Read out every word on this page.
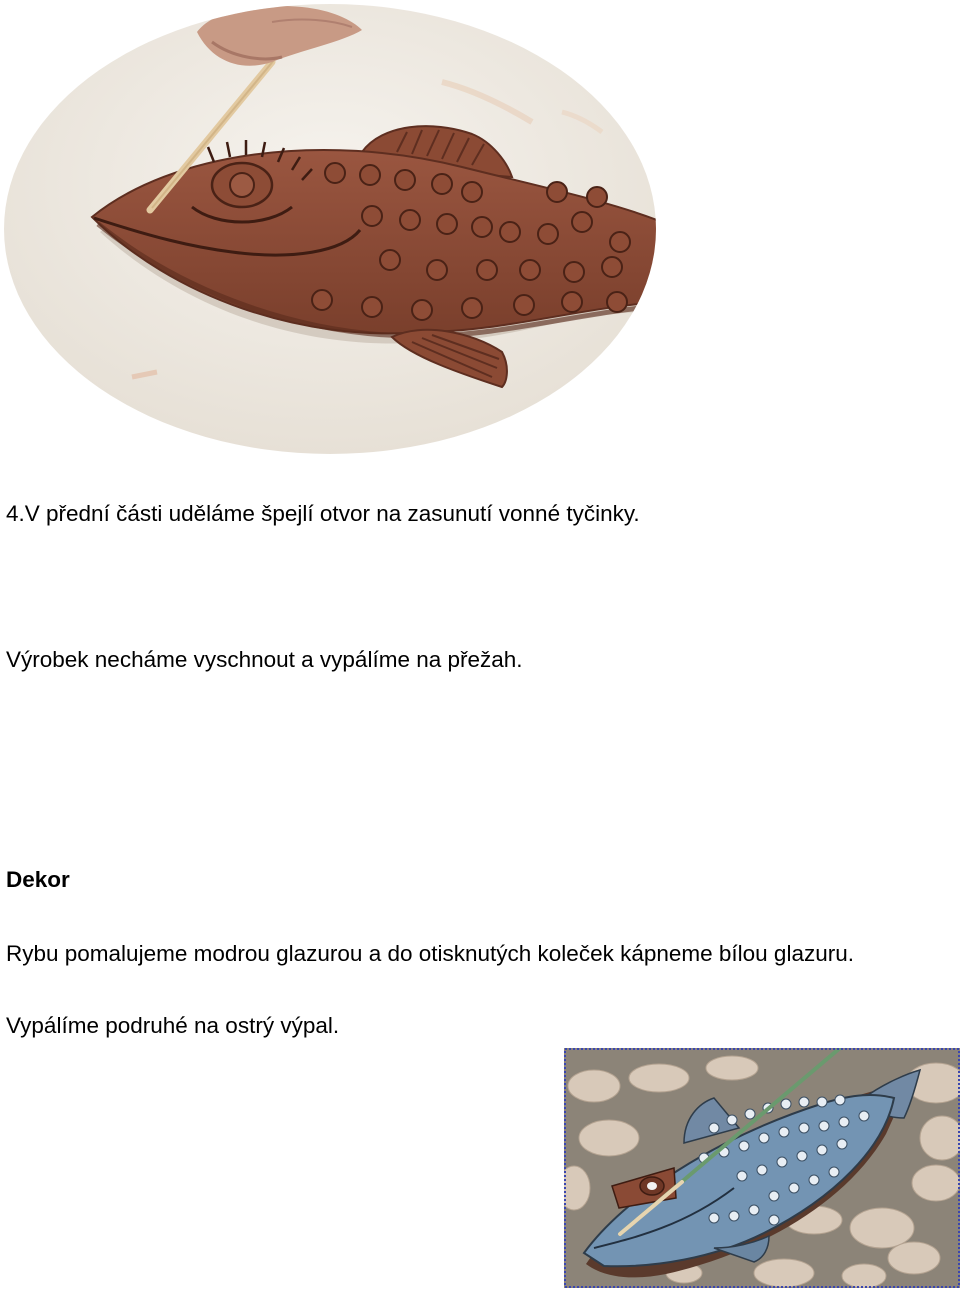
4.V přední části uděláme špejlí otvor na zasunutí vonné tyčinky.

Výrobek necháme vyschnout a vypálíme na přežah.

Dekor

Rybu pomalujeme modrou glazurou a do otisknutých koleček kápneme bílou glazuru.

Vypálíme podruhé na ostrý výpal.
